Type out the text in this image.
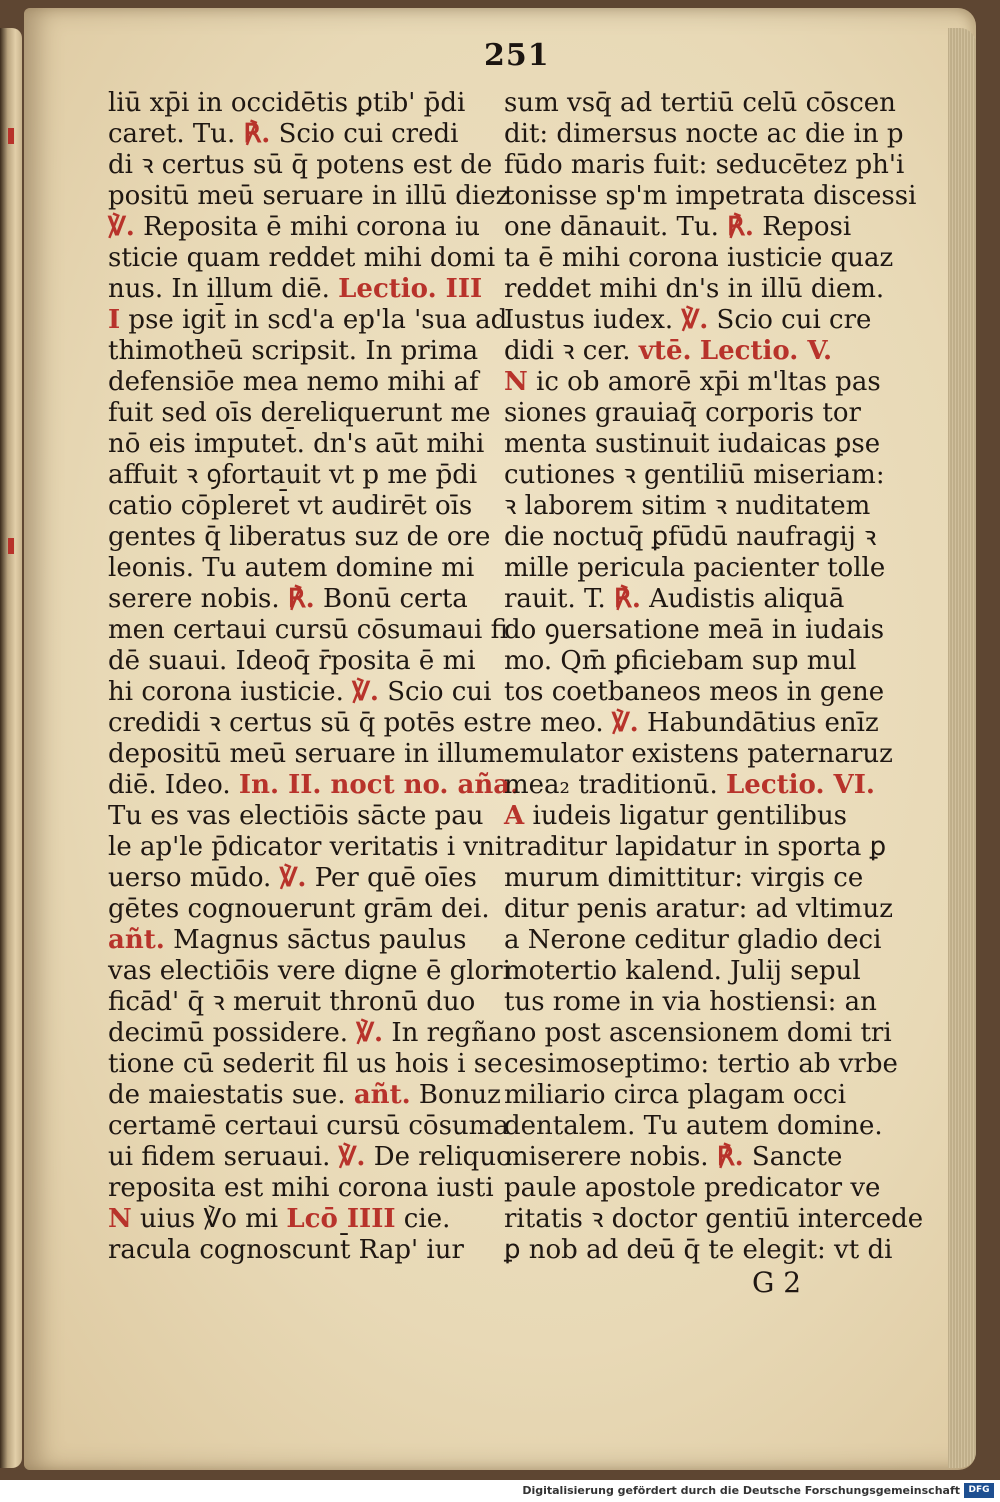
251
liū xp̄i in occidētis ꝑtib' p̄di
caret. Tu. ℟. Scio cui credi
di ꝛ certus sū q̄ potens est de
positū meū seruare in illū diez
℣. Reposita ē mihi corona iu
sticie quam reddet mihi domi
nus. In illum diē. Lectio. III
I pse igit̄ in scd'a ep'la 'sua ad
thimotheū scripsit. In prima
defensiōe mea nemo mihi af
fuit sed oīs dereliquerunt me
nō eis imputet̄. dn's aūt mihi
affuit ꝛ ꝯfortauit vt p me p̄di
catio cōpleret̄ vt audirēt oīs
gentes q̄ liberatus suz de ore
leonis. Tu autem domine mi
serere nobis. ℟. Bonū certa
men certaui cursū cōsumaui fi
dē suaui. Ideoq̄ r̄posita ē mi
hi corona iusticie. ℣. Scio cui
credidi ꝛ certus sū q̄ potēs est
depositū meū seruare in illum
diē. Ideo. In. II. noct no. aña.
Tu es vas electiōis sācte pau
le ap'le p̄dicator veritatis i vni
uerso mūdo. ℣. Per quē oīes
gētes cognouerunt grām dei.
añt. Magnus sāctus paulus
vas electiōis vere digne ē glori
ficād' q̄ ꝛ meruit thronū duo
decimū possidere. ℣. In regña
tione cū sederit fil us hois i se
de maiestatis sue. añt. Bonuz
certamē certaui cursū cōsuma
ui fidem seruaui. ℣. De reliquo
reposita est mihi corona iusti
N uius ℣o mi Lcō IIII cie.
racula cognoscunt̄ Rap' iur
sum vsq̄ ad tertiū celū cōscen
dit: dimersus nocte ac die in p
fūdo maris fuit: seducētez ph'i
tonisse sp'm impetrata discessi
one dānauit. Tu. ℟. Reposi
ta ē mihi corona iusticie quaz
reddet mihi dn's in illū diem.
Iustus iudex. ℣. Scio cui cre
didi ꝛ cer. vtē. Lectio. V.
N ic ob amorē xp̄i m'ltas pas
siones grauiaq̄ corporis tor
menta sustinuit iudaicas ꝑse
cutiones ꝛ gentiliū miseriam:
ꝛ laborem sitim ꝛ nuditatem
die noctuq̄ ꝑfūdū naufragij ꝛ
mille pericula pacienter tolle
rauit. T. ℟. Audistis aliquā
do ꝯuersatione meā in iudais
mo. Qm̄ ꝑficiebam sup mul
tos coetbaneos meos in gene
re meo. ℣. Habundātius enīz
emulator existens paternaruz
mea₂ traditionū. Lectio. VI.
A iudeis ligatur gentilibus
traditur lapidatur in sporta ꝑ
murum dimittitur: virgis ce
ditur penis aratur: ad vltimuz
a Nerone ceditur gladio deci
motertio kalend. Julij sepul
tus rome in via hostiensi: an
no post ascensionem domi tri
cesimoseptimo: tertio ab vrbe
miliario circa plagam occi
dentalem. Tu autem domine.
miserere nobis. ℟. Sancte
paule apostole predicator ve
ritatis ꝛ doctor gentiū intercede
ꝑ nob ad deū q̄ te elegit: vt di
G 2
Digitalisierung gefördert durch die Deutsche Forschungsgemeinschaft DFG
